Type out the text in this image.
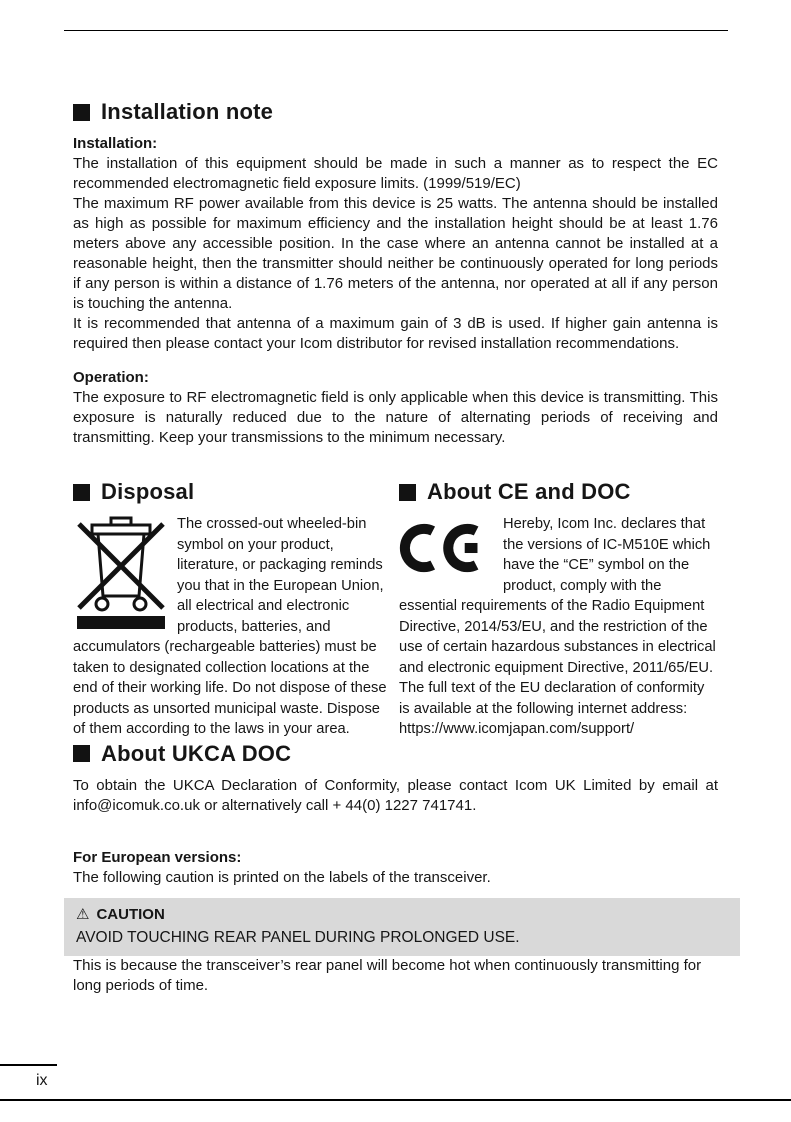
Installation note

Installation:

The installation of this equipment should be made in such a manner as to respect the EC recommended electromagnetic field exposure limits. (1999/519/EC)

The maximum RF power available from this device is 25 watts. The antenna should be installed as high as possible for maximum efficiency and the installation height should be at least 1.76 meters above any accessible position. In the case where an antenna cannot be installed at a reasonable height, then the transmitter should neither be continuously operated for long periods if any person is within a distance of 1.76 meters of the antenna, nor operated at all if any person is touching the antenna.

It is recommended that antenna of a maximum gain of 3 dB is used. If higher gain antenna is required then please contact your Icom distributor for revised installation recommendations.

Operation:

The exposure to RF electromagnetic field is only applicable when this device is transmitting. This exposure is naturally reduced due to the nature of alternating periods of receiving and transmitting. Keep your transmissions to the minimum necessary.

Disposal
The crossed-out wheeled-bin symbol on your product, literature, or packaging reminds you that in the European Union, all electrical and electronic products, batteries, and accumulators (rechargeable batteries) must be taken to designated collection locations at the end of their working life. Do not dispose of these products as unsorted municipal waste. Dispose of them according to the laws in your area.
About CE and DOC
Hereby, Icom Inc. declares that the versions of IC-M510E which have the “CE” symbol on the product, comply with the essential requirements of the Radio Equipment Directive, 2014/53/EU, and the restriction of the use of certain hazardous substances in electrical and electronic equipment Directive, 2011/65/EU. The full text of the EU declaration of conformity is available at the following internet address:
https://www.icomjapan.com/support/
About UKCA DOC

To obtain the UKCA Declaration of Conformity, please contact Icom UK Limited by email at info@icomuk.co.uk or alternatively call + 44(0) 1227 741741.

For European versions:

The following caution is printed on the labels of the transceiver.

⚠ CAUTION
AVOID TOUCHING REAR PANEL DURING PROLONGED USE.

This is because the transceiver’s rear panel will become hot when continuously transmitting for long periods of time.

ix
